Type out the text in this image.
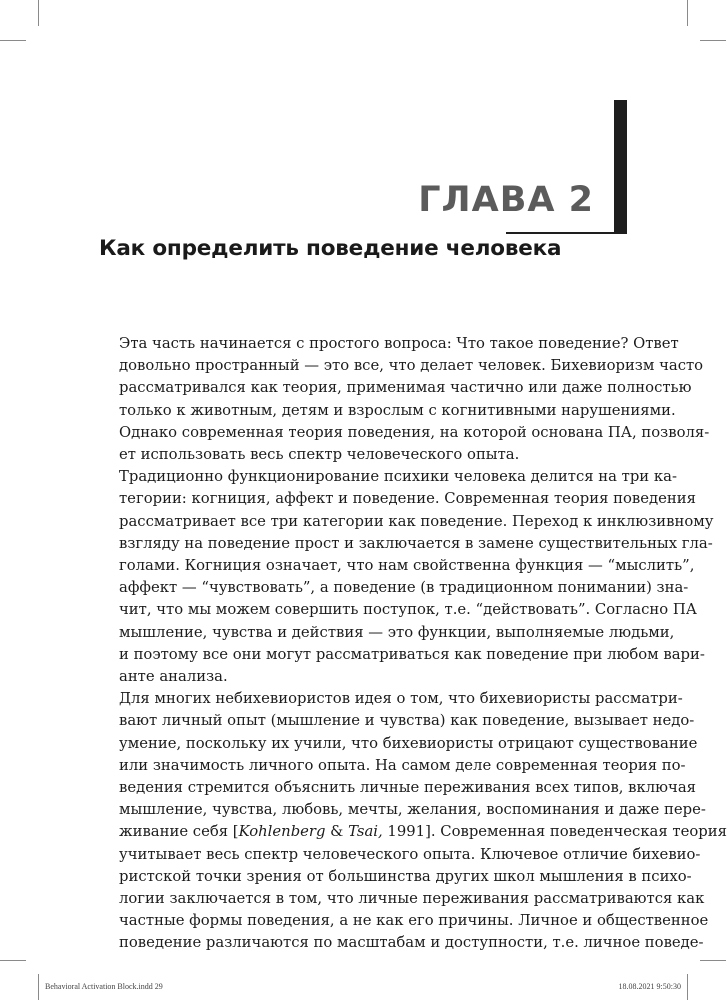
ГЛАВА 2
Как определить поведение человека

Эта часть начинается с простого вопроса: Что такое поведение? Ответ
довольно пространный — это все, что делает человек. Бихевиоризм часто
рассматривался как теория, применимая частично или даже полностью
только к животным, детям и взрослым с когнитивными нарушениями.
Однако современная теория поведения, на которой основана ПА, позволя-
ет использовать весь спектр человеческого опыта.

Традиционно функционирование психики человека делится на три ка-
тегории: когниция, аффект и поведение. Современная теория поведения
рассматривает все три категории как поведение. Переход к инклюзивному
взгляду на поведение прост и заключается в замене существительных гла-
голами. Когниция означает, что нам свойственна функция — “мыслить”,
аффект — “чувствовать”, а поведение (в традиционном понимании) зна-
чит, что мы можем совершить поступок, т.е. “действовать”. Согласно ПА
мышление, чувства и действия — это функции, выполняемые людьми,
и поэтому все они могут рассматриваться как поведение при любом вари-
анте анализа.

Для многих небихевиористов идея о том, что бихевиористы рассматри-
вают личный опыт (мышление и чувства) как поведение, вызывает недо-
умение, поскольку их учили, что бихевиористы отрицают существование
или значимость личного опыта. На самом деле современная теория по-
ведения стремится объяснить личные переживания всех типов, включая
мышление, чувства, любовь, мечты, желания, воспоминания и даже пере-
живание себя [Kohlenberg & Tsai, 1991]. Современная поведенческая теория
учитывает весь спектр человеческого опыта. Ключевое отличие бихевио-
ристской точки зрения от большинства других школ мышления в психо-
логии заключается в том, что личные переживания рассматриваются как
частные формы поведения, а не как его причины. Личное и общественное
поведение различаются по масштабам и доступности, т.е. личное поведе-

Behavioral Activation Block.indd 29	18.08.2021 9:50:30
